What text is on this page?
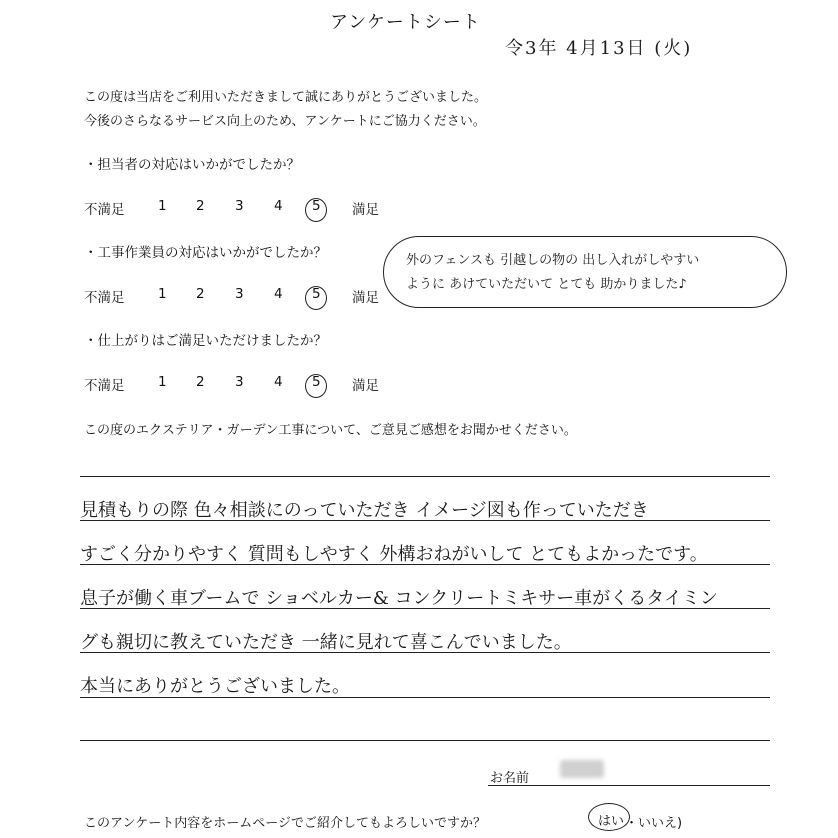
アンケートシート
令3年 4月13日 (火)
この度は当店をご利用いただきまして誠にありがとうございました。
今後のさらなるサービス向上のため、アンケートにご協力ください。
・担当者の対応はいかがでしたか？
不満足 1 2 3 4 5 満足
・工事作業員の対応はいかがでしたか？
不満足 1 2 3 4 5 満足
外のフェンスも 引越しの物の 出し入れがしやすい
ように あけていただいて とても 助かりました♪
・仕上がりはご満足いただけましたか？
不満足 1 2 3 4 5 満足
この度のエクステリア・ガーデン工事について、ご意見ご感想をお聞かせください。
見積もりの際 色々相談にのっていただき イメージ図も作っていただき
すごく分かりやすく 質問もしやすく 外構おねがいして とてもよかったです。
息子が働く車ブームで ショベルカー& コンクリートミキサー車がくるタイミン
グも親切に教えていただき 一緒に見れて喜こんでいました。
本当にありがとうございました。
お名前
このアンケート内容をホームページでご紹介してもよろしいですか？	はい ・いいえ)
